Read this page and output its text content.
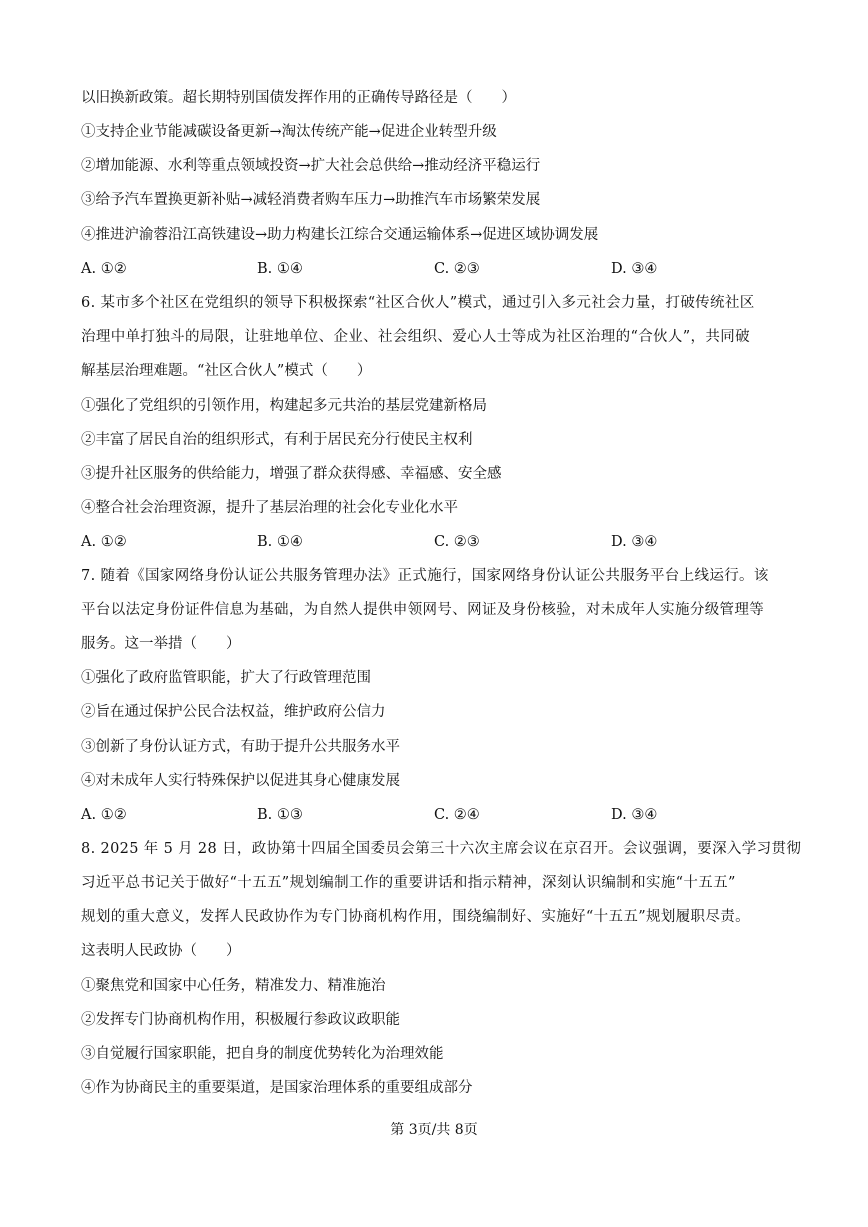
以旧换新政策。超长期特别国债发挥作用的正确传导路径是（　　）
①支持企业节能减碳设备更新→淘汰传统产能→促进企业转型升级
②增加能源、水利等重点领域投资→扩大社会总供给→推动经济平稳运行
③给予汽车置换更新补贴→减轻消费者购车压力→助推汽车市场繁荣发展
④推进沪渝蓉沿江高铁建设→助力构建长江综合交通运输体系→促进区域协调发展
A. ①②	B. ①④	C. ②③	D. ③④
6. 某市多个社区在党组织的领导下积极探索“社区合伙人”模式，通过引入多元社会力量，打破传统社区
治理中单打独斗的局限，让驻地单位、企业、社会组织、爱心人士等成为社区治理的“合伙人”，共同破
解基层治理难题。“社区合伙人”模式（　　）
①强化了党组织的引领作用，构建起多元共治的基层党建新格局
②丰富了居民自治的组织形式，有利于居民充分行使民主权利
③提升社区服务的供给能力，增强了群众获得感、幸福感、安全感
④整合社会治理资源，提升了基层治理的社会化专业化水平
A. ①②	B. ①④	C. ②③	D. ③④
7. 随着《国家网络身份认证公共服务管理办法》正式施行，国家网络身份认证公共服务平台上线运行。该
平台以法定身份证件信息为基础，为自然人提供申领网号、网证及身份核验，对未成年人实施分级管理等
服务。这一举措（　　）
①强化了政府监管职能，扩大了行政管理范围
②旨在通过保护公民合法权益，维护政府公信力
③创新了身份认证方式，有助于提升公共服务水平
④对未成年人实行特殊保护以促进其身心健康发展
A. ①②	B. ①③	C. ②④	D. ③④
8. 2025 年 5 月 28 日，政协第十四届全国委员会第三十六次主席会议在京召开。会议强调，要深入学习贯彻
习近平总书记关于做好“十五五”规划编制工作的重要讲话和指示精神，深刻认识编制和实施“十五五”
规划的重大意义，发挥人民政协作为专门协商机构作用，围绕编制好、实施好“十五五”规划履职尽责。
这表明人民政协（　　）
①聚焦党和国家中心任务，精准发力、精准施治
②发挥专门协商机构作用，积极履行参政议政职能
③自觉履行国家职能，把自身的制度优势转化为治理效能
④作为协商民主的重要渠道，是国家治理体系的重要组成部分
第 3页/共 8页
